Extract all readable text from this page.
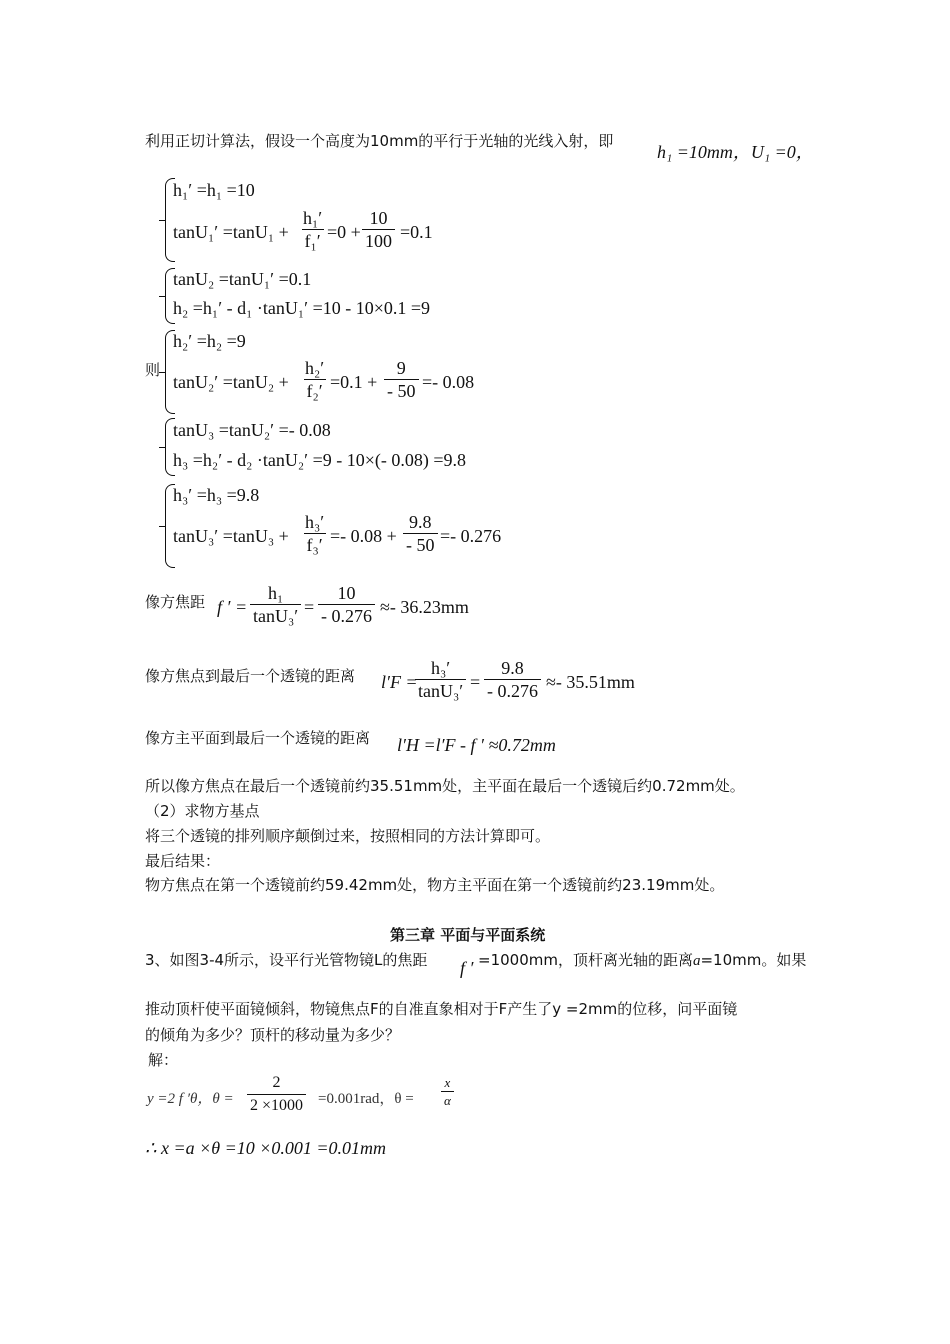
利用正切计算法，假设一个高度为10mm的平行于光轴的光线入射，即
h₁ =10mm，U₁ =0，
h₁′ =h₁ =10
$\tan U_1' =\tan U_1 + \frac{\text{h₁′}}{\text{f₁′}} =0 + \frac{10}{100} =0.1$
tanU₂ =tanU₁′ =0.1
h₂ =h₁′ - d₁ ·tanU₁′ =10 - 10×0.1 =9
则
h₂′ =h₂ =9
$\tan U_2' =\tan U_2 + \frac{\text{h₂′}}{\text{f₂′}} =0.1 + \frac{9}{- 50} =- 0.08$
tanU₃ =tanU₂′ =- 0.08
h₃ =h₂′ - d₂ ·tanU₂′ =9 - 10×(- 0.08) =9.8
h₃′ =h₃ =9.8
$\tan U_3' =\tan U_3 + \frac{\text{h₃′}}{\text{f₃′}} =- 0.08 + \frac{9.8}{- 50} =- 0.276$
像方焦距 f ′ = $\frac{\text{h₁}}{\text{tanU₃′}} = \frac{10}{- 0.276} \approx- 36.23mm$
像方焦点到最后一个透镜的距离 l′F =
$\frac{\text{h₃′}}{\text{tanU₃′}} = \frac{9.8}{- 0.276} \approx- 35.51mm$
像方主平面到最后一个透镜的距离 l′H =l′F - f ′ ≈0.72mm
所以像方焦点在最后一个透镜前约35.51mm处，主平面在最后一个透镜后约0.72mm处。
（2）求物方基点
将三个透镜的排列顺序颠倒过来，按照相同的方法计算即可。
最后结果：
物方焦点在第一个透镜前约59.42mm处，物方主平面在第一个透镜前约23.19mm处。
第三章 平面与平面系统
3、如图3-4所示，设平行光管物镜L的焦距 f ′ =1000mm，顶杆离光轴的距离a=10mm。如果
推动顶杆使平面镜倾斜，物镜焦点F的自准直象相对于F产生了y =2mm的位移，问平面镜
的倾角为多少？顶杆的移动量为多少？
解：
y =2 f ′θ，$\theta = \frac{2}{2 \times 1000} =0.001rad$，$\theta = \frac{x}{\alpha}$
∴ x =a ×θ =10 ×0.001 =0.01mm
